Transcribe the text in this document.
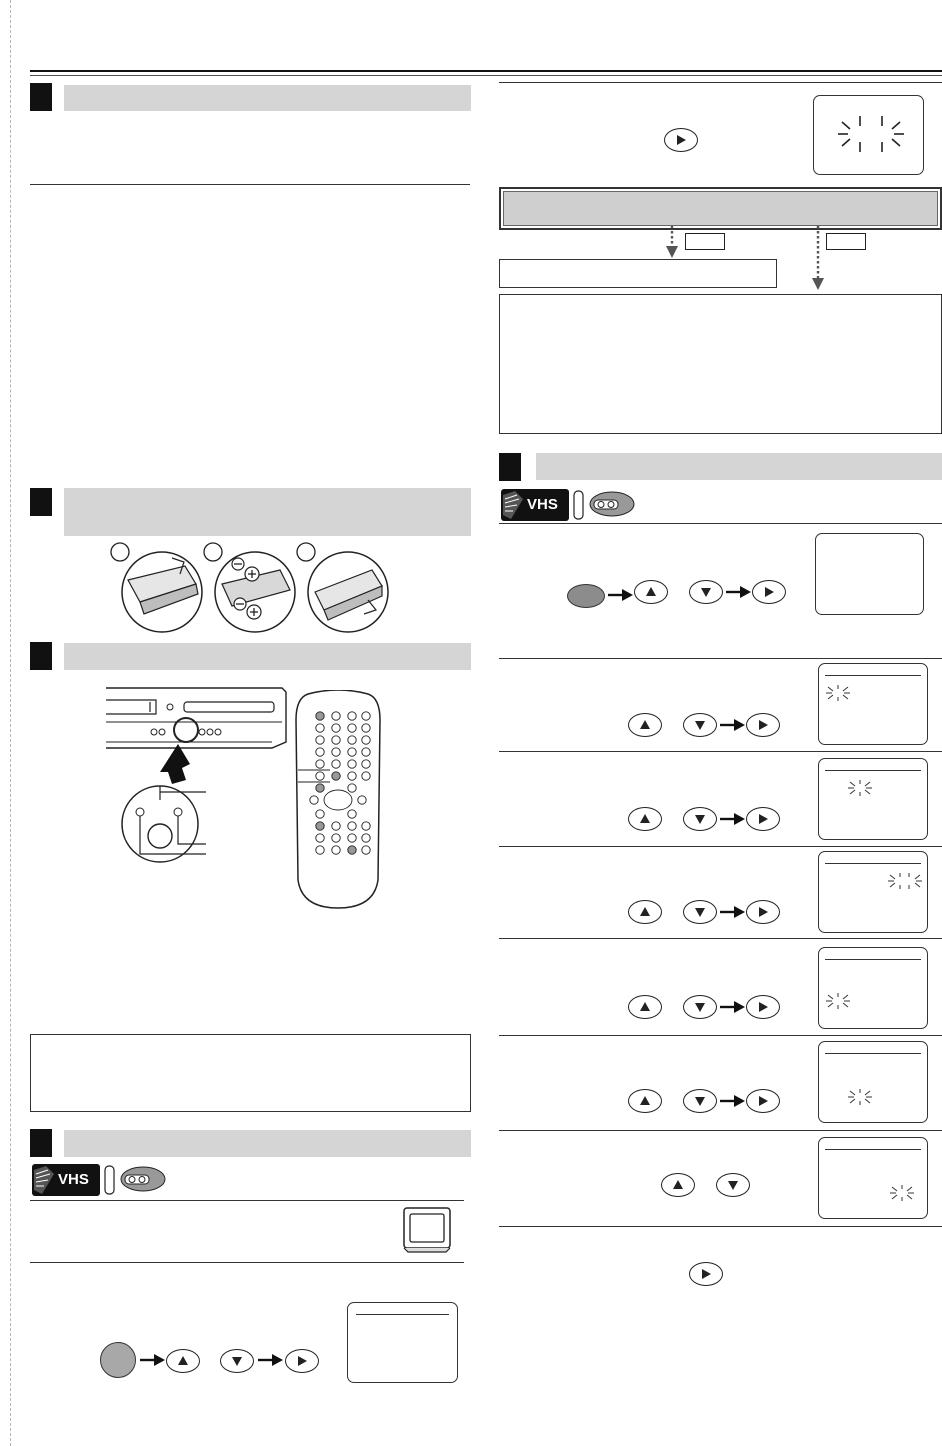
VHS
VHS
